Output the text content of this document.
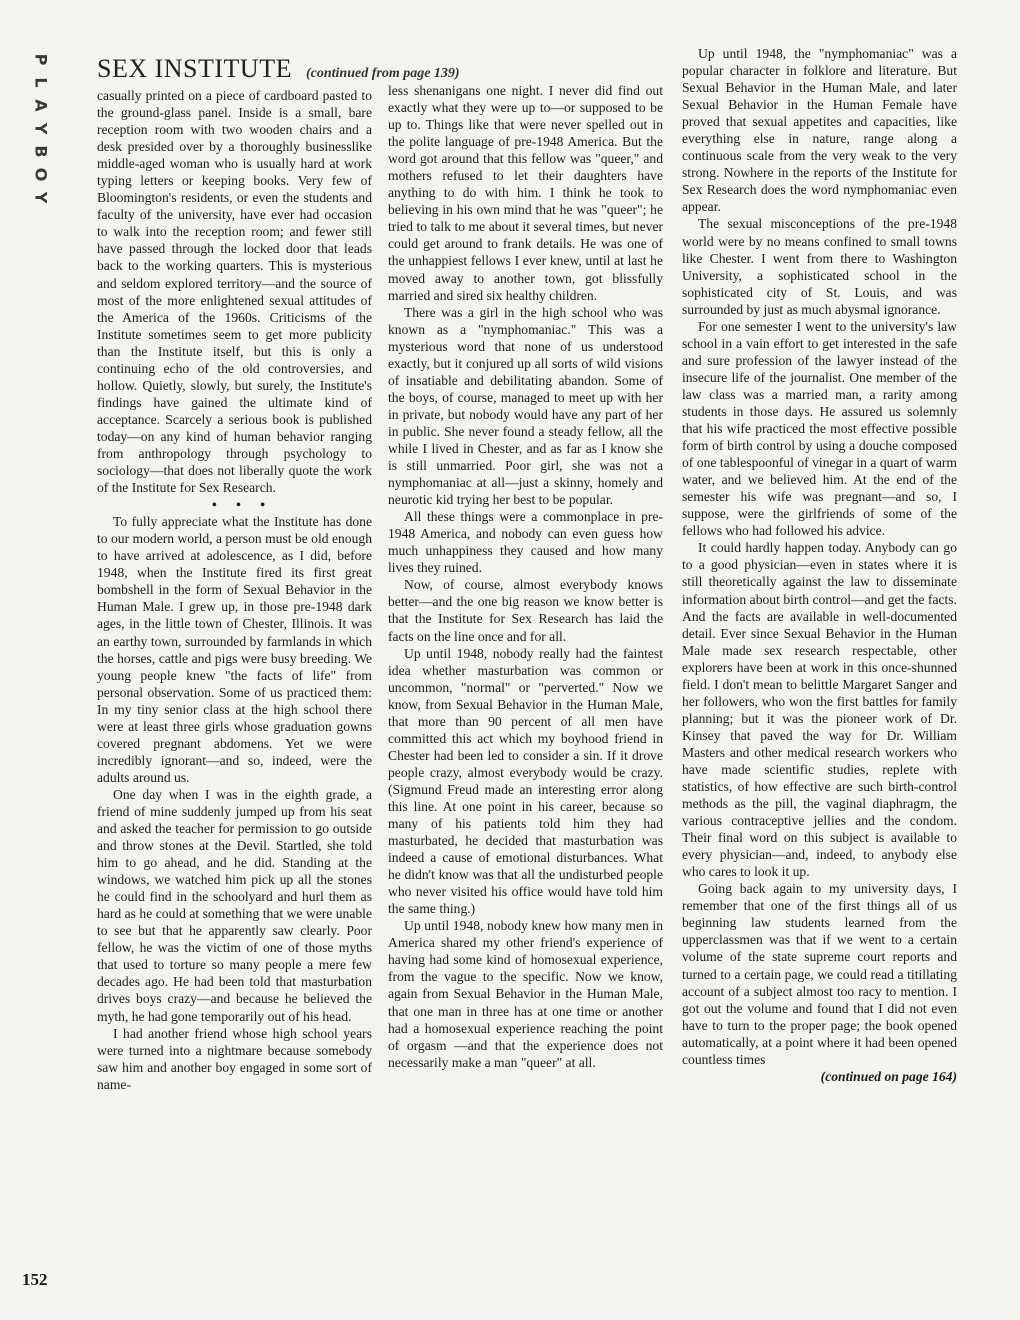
P
L
A
Y
B
O
Y
SEX INSTITUTE (continued from page 139)

casually printed on a piece of cardboard pasted to the ground-glass panel. Inside is a small, bare reception room with two wooden chairs and a desk presided over by a thoroughly businesslike middle-aged woman who is usually hard at work typing letters or keeping books. Very few of Bloomington's residents, or even the students and faculty of the university, have ever had occasion to walk into the reception room; and fewer still have passed through the locked door that leads back to the working quarters. This is mysterious and seldom explored territory—and the source of most of the more enlightened sexual attitudes of the America of the 1960s. Criticisms of the Institute sometimes seem to get more publicity than the Institute itself, but this is only a continuing echo of the old controversies, and hollow. Quietly, slowly, but surely, the Institute's findings have gained the ultimate kind of acceptance. Scarcely a serious book is published today—on any kind of human behavior ranging from anthropology through psychology to sociology—that does not liberally quote the work of the Institute for Sex Research.

• • •

To fully appreciate what the Institute has done to our modern world, a person must be old enough to have arrived at adolescence, as I did, before 1948, when the Institute fired its first great bombshell in the form of Sexual Behavior in the Human Male. I grew up, in those pre-1948 dark ages, in the little town of Chester, Illinois. It was an earthy town, surrounded by farmlands in which the horses, cattle and pigs were busy breeding. We young people knew "the facts of life" from personal observation. Some of us practiced them: In my tiny senior class at the high school there were at least three girls whose graduation gowns covered pregnant abdomens. Yet we were incredibly ignorant—and so, indeed, were the adults around us.

One day when I was in the eighth grade, a friend of mine suddenly jumped up from his seat and asked the teacher for permission to go outside and throw stones at the Devil. Startled, she told him to go ahead, and he did. Standing at the windows, we watched him pick up all the stones he could find in the schoolyard and hurl them as hard as he could at something that we were unable to see but that he apparently saw clearly. Poor fellow, he was the victim of one of those myths that used to torture so many people a mere few decades ago. He had been told that masturbation drives boys crazy—and because he believed the myth, he had gone temporarily out of his head.

I had another friend whose high school years were turned into a nightmare because somebody saw him and another boy engaged in some sort of name-

less shenanigans one night. I never did find out exactly what they were up to—or supposed to be up to. Things like that were never spelled out in the polite language of pre-1948 America. But the word got around that this fellow was "queer," and mothers refused to let their daughters have anything to do with him. I think he took to believing in his own mind that he was "queer"; he tried to talk to me about it several times, but never could get around to frank details. He was one of the unhappiest fellows I ever knew, until at last he moved away to another town, got blissfully married and sired six healthy children.

There was a girl in the high school who was known as a "nymphomaniac." This was a mysterious word that none of us understood exactly, but it conjured up all sorts of wild visions of insatiable and debilitating abandon. Some of the boys, of course, managed to meet up with her in private, but nobody would have any part of her in public. She never found a steady fellow, all the while I lived in Chester, and as far as I know she is still unmarried. Poor girl, she was not a nymphomaniac at all—just a skinny, homely and neurotic kid trying her best to be popular.

All these things were a commonplace in pre-1948 America, and nobody can even guess how much unhappiness they caused and how many lives they ruined.

Now, of course, almost everybody knows better—and the one big reason we know better is that the Institute for Sex Research has laid the facts on the line once and for all.

Up until 1948, nobody really had the faintest idea whether masturbation was common or uncommon, "normal" or "perverted." Now we know, from Sexual Behavior in the Human Male, that more than 90 percent of all men have committed this act which my boyhood friend in Chester had been led to consider a sin. If it drove people crazy, almost everybody would be crazy. (Sigmund Freud made an interesting error along this line. At one point in his career, because so many of his patients told him they had masturbated, he decided that masturbation was indeed a cause of emotional disturbances. What he didn't know was that all the undisturbed people who never visited his office would have told him the same thing.)

Up until 1948, nobody knew how many men in America shared my other friend's experience of having had some kind of homosexual experience, from the vague to the specific. Now we know, again from Sexual Behavior in the Human Male, that one man in three has at one time or another had a homosexual experience reaching the point of orgasm —and that the experience does not necessarily make a man "queer" at all.

Up until 1948, the "nymphomaniac" was a popular character in folklore and literature. But Sexual Behavior in the Human Male, and later Sexual Behavior in the Human Female have proved that sexual appetites and capacities, like everything else in nature, range along a continuous scale from the very weak to the very strong. Nowhere in the reports of the Institute for Sex Research does the word nymphomaniac even appear.

The sexual misconceptions of the pre-1948 world were by no means confined to small towns like Chester. I went from there to Washington University, a sophisticated school in the sophisticated city of St. Louis, and was surrounded by just as much abysmal ignorance.

For one semester I went to the university's law school in a vain effort to get interested in the safe and sure profession of the lawyer instead of the insecure life of the journalist. One member of the law class was a married man, a rarity among students in those days. He assured us solemnly that his wife practiced the most effective possible form of birth control by using a douche composed of one tablespoonful of vinegar in a quart of warm water, and we believed him. At the end of the semester his wife was pregnant—and so, I suppose, were the girlfriends of some of the fellows who had followed his advice.

It could hardly happen today. Anybody can go to a good physician—even in states where it is still theoretically against the law to disseminate information about birth control—and get the facts. And the facts are available in well-documented detail. Ever since Sexual Behavior in the Human Male made sex research respectable, other explorers have been at work in this once-shunned field. I don't mean to belittle Margaret Sanger and her followers, who won the first battles for family planning; but it was the pioneer work of Dr. Kinsey that paved the way for Dr. William Masters and other medical research workers who have made scientific studies, replete with statistics, of how effective are such birth-control methods as the pill, the vaginal diaphragm, the various contraceptive jellies and the condom. Their final word on this subject is available to every physician—and, indeed, to anybody else who cares to look it up.

Going back again to my university days, I remember that one of the first things all of us beginning law students learned from the upperclassmen was that if we went to a certain volume of the state supreme court reports and turned to a certain page, we could read a titillating account of a subject almost too racy to mention. I got out the volume and found that I did not even have to turn to the proper page; the book opened automatically, at a point where it had been opened countless times

(continued on page 164)

152
